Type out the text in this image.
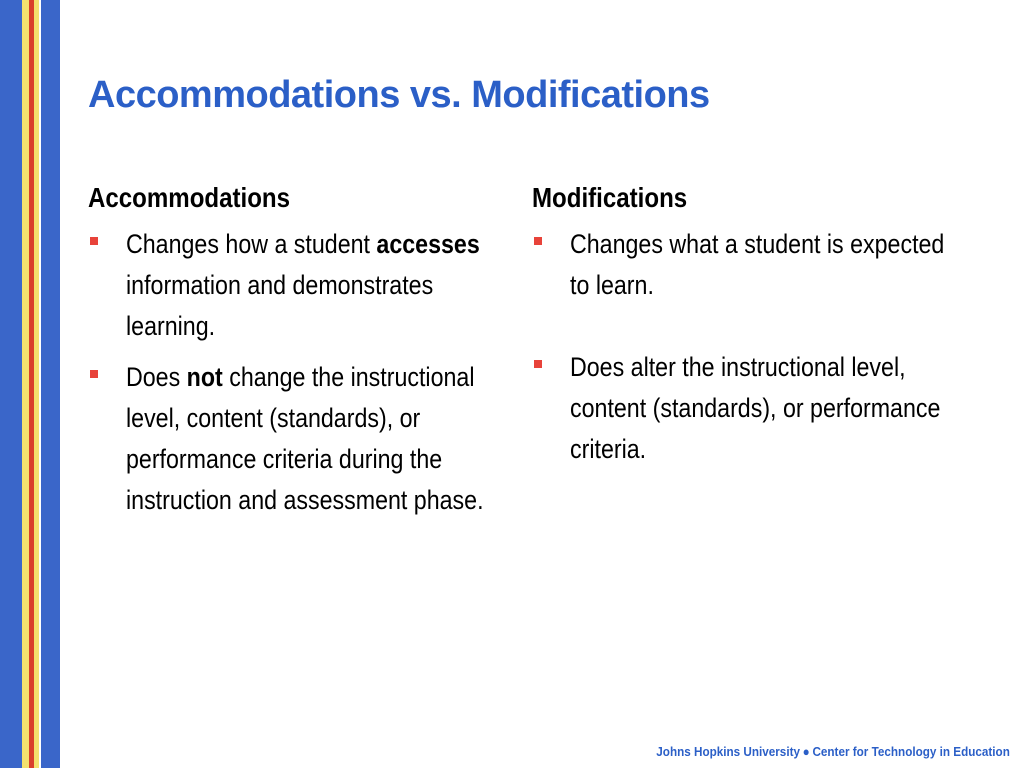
Accommodations vs. Modifications
Accommodations
Changes how a student accesses information and demonstrates learning.
Does not change the instructional level, content (standards), or performance criteria during the instruction and assessment phase.
Modifications
Changes what a student is expected to learn.
Does alter the instructional level, content (standards), or performance criteria.
Johns Hopkins University ● Center for Technology in Education
